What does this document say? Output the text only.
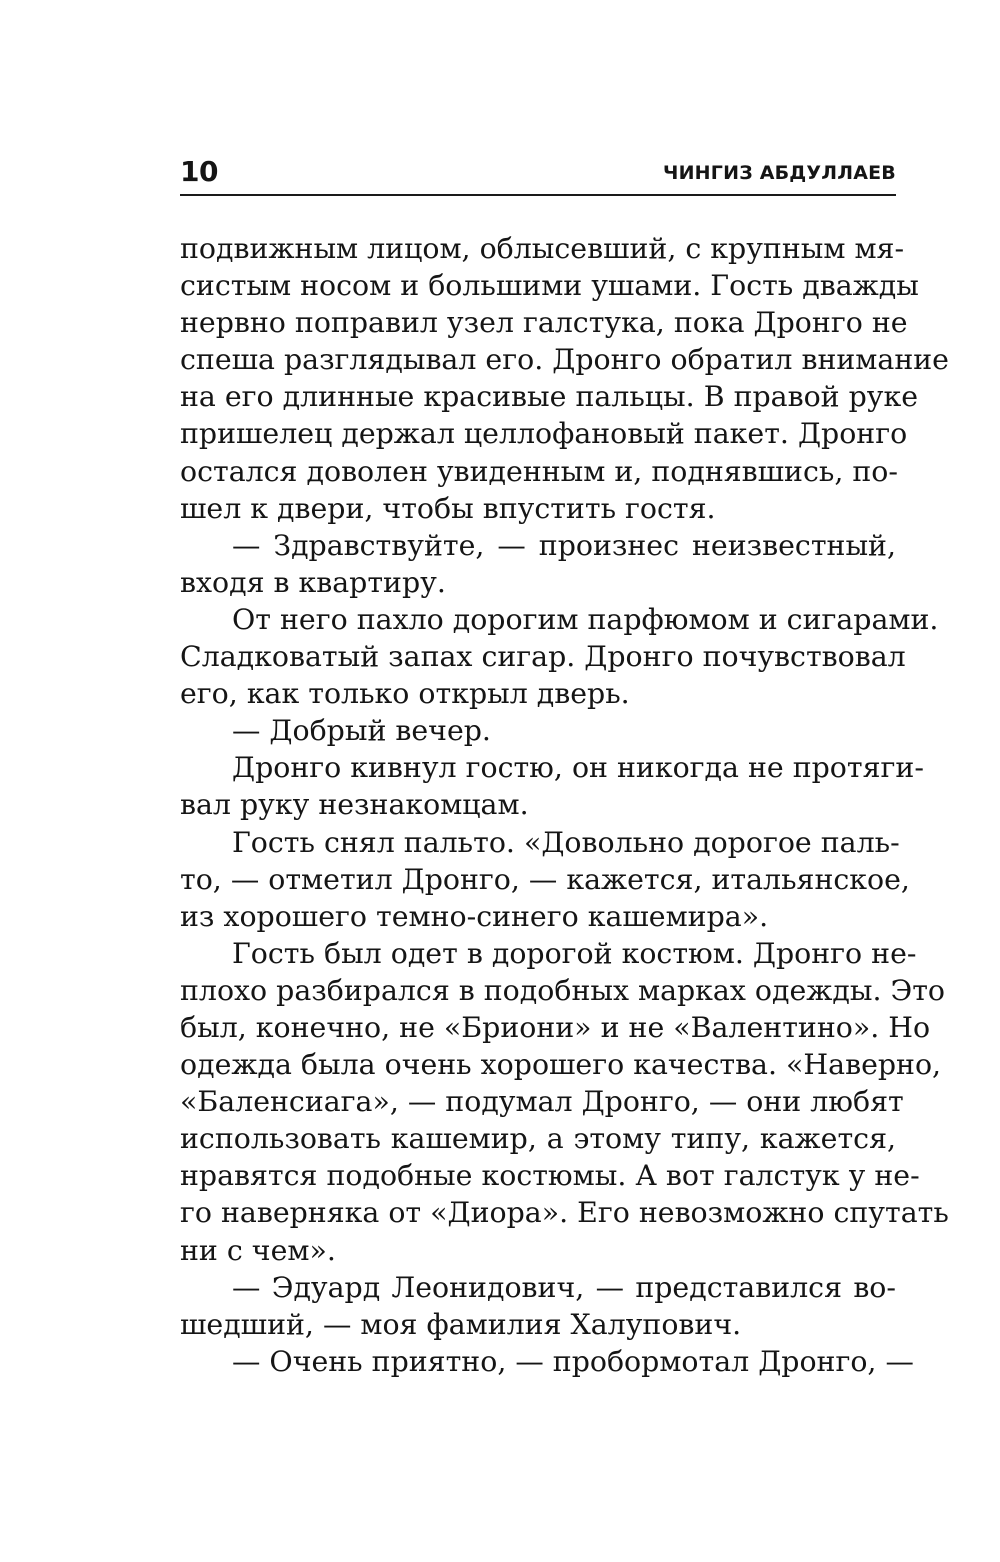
10	ЧИНГИЗ АБДУЛЛАЕВ
подвижным лицом, облысевший, с крупным мя-
систым носом и большими ушами. Гость дважды
нервно поправил узел галстука, пока Дронго не
спеша разглядывал его. Дронго обратил внимание
на его длинные красивые пальцы. В правой руке
пришелец держал целлофановый пакет. Дронго
остался доволен увиденным и, поднявшись, по-
шел к двери, чтобы впустить гостя.
— Здравствуйте, — произнес неизвестный,
входя в квартиру.
От него пахло дорогим парфюмом и сигарами.
Сладковатый запах сигар. Дронго почувствовал
его, как только открыл дверь.
— Добрый вечер.
Дронго кивнул гостю, он никогда не протяги-
вал руку незнакомцам.
Гость снял пальто. «Довольно дорогое паль-
то, — отметил Дронго, — кажется, итальянское,
из хорошего темно-синего кашемира».
Гость был одет в дорогой костюм. Дронго не-
плохо разбирался в подобных марках одежды. Это
был, конечно, не «Бриони» и не «Валентино». Но
одежда была очень хорошего качества. «Наверно,
«Баленсиага», — подумал Дронго, — они любят
использовать кашемир, а этому типу, кажется,
нравятся подобные костюмы. А вот галстук у не-
го наверняка от «Диора». Его невозможно спутать
ни с чем».
— Эдуард Леонидович, — представился во-
шедший, — моя фамилия Халупович.
— Очень приятно, — пробормотал Дронго, —
